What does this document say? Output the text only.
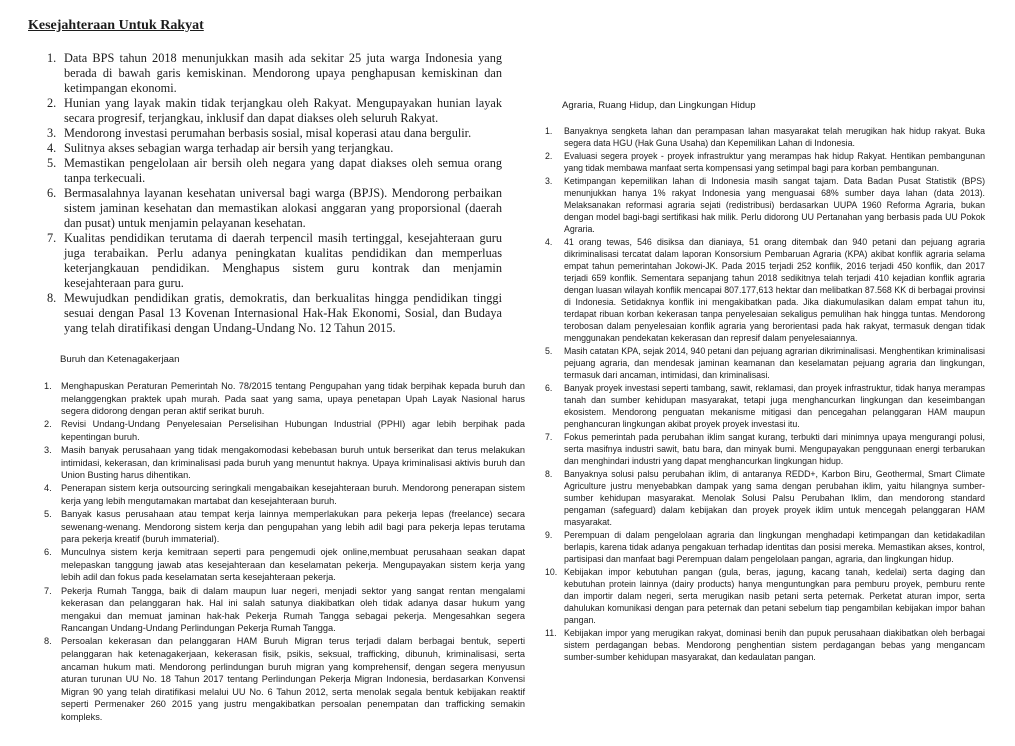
Kesejahteraan Untuk Rakyat
1. Data BPS tahun 2018 menunjukkan masih ada sekitar 25 juta warga Indonesia yang berada di bawah garis kemiskinan. Mendorong upaya penghapusan kemiskinan dan ketimpangan ekonomi.
2. Hunian yang layak makin tidak terjangkau oleh Rakyat. Mengupayakan hunian layak secara progresif, terjangkau, inklusif dan dapat diakses oleh seluruh Rakyat.
3. Mendorong investasi perumahan berbasis sosial, misal koperasi atau dana bergulir.
4. Sulitnya akses sebagian warga terhadap air bersih yang terjangkau.
5. Memastikan pengelolaan air bersih oleh negara yang dapat diakses oleh semua orang tanpa terkecuali.
6. Bermasalahnya layanan kesehatan universal bagi warga (BPJS). Mendorong perbaikan sistem jaminan kesehatan dan memastikan alokasi anggaran yang proporsional (daerah dan pusat) untuk menjamin pelayanan kesehatan.
7. Kualitas pendidikan terutama di daerah terpencil masih tertinggal, kesejahteraan guru juga terabaikan. Perlu adanya peningkatan kualitas pendidikan dan memperluas keterjangkauan pendidikan. Menghapus sistem guru kontrak dan menjamin kesejahteraan para guru.
8. Mewujudkan pendidikan gratis, demokratis, dan berkualitas hingga pendidikan tinggi sesuai dengan Pasal 13 Kovenan Internasional Hak-Hak Ekonomi, Sosial, dan Budaya yang telah diratifikasi dengan Undang-Undang No. 12 Tahun 2015.
Buruh dan Ketenagakerjaan
1. Menghapuskan Peraturan Pemerintah No. 78/2015 tentang Pengupahan yang tidak berpihak kepada buruh dan melanggengkan praktek upah murah. Pada saat yang sama, upaya penetapan Upah Layak Nasional harus segera didorong dengan peran aktif serikat buruh.
2. Revisi Undang-Undang Penyelesaian Perselisihan Hubungan Industrial (PPHI) agar lebih berpihak pada kepentingan buruh.
3. Masih banyak perusahaan yang tidak mengakomodasi kebebasan buruh untuk berserikat dan terus melakukan intimidasi, kekerasan, dan kriminalisasi pada buruh yang menuntut haknya. Upaya kriminalisasi aktivis buruh dan Union Busting harus dihentikan.
4. Penerapan sistem kerja outsourcing seringkali mengabaikan kesejahteraan buruh. Mendorong penerapan sistem kerja yang lebih mengutamakan martabat dan kesejahteraan buruh.
5. Banyak kasus perusahaan atau tempat kerja lainnya memperlakukan para pekerja lepas (freelance) secara sewenang-wenang. Mendorong sistem kerja dan pengupahan yang lebih adil bagi para pekerja lepas terutama para pekerja kreatif (buruh immaterial).
6. Munculnya sistem kerja kemitraan seperti para pengemudi ojek online,membuat perusahaan seakan dapat melepaskan tanggung jawab atas kesejahteraan dan keselamatan pekerja. Mengupayakan sistem kerja yang lebih adil dan fokus pada keselamatan serta kesejahteraan pekerja.
7. Pekerja Rumah Tangga, baik di dalam maupun luar negeri, menjadi sektor yang sangat rentan mengalami kekerasan dan pelanggaran hak. Hal ini salah satunya diakibatkan oleh tidak adanya dasar hukum yang mengakui dan memuat jaminan hak-hak Pekerja Rumah Tangga sebagai pekerja. Mengesahkan segera Rancangan Undang-Undang Perlindungan Pekerja Rumah Tangga.
8. Persoalan kekerasan dan pelanggaran HAM Buruh Migran terus terjadi dalam berbagai bentuk, seperti pelanggaran hak ketenagakerjaan, kekerasan fisik, psikis, seksual, trafficking, dibunuh, kriminalisasi, serta ancaman hukum mati. Mendorong perlindungan buruh migran yang komprehensif, dengan segera menyusun aturan turunan UU No. 18 Tahun 2017 tentang Perlindungan Pekerja Migran Indonesia, berdasarkan Konvensi Migran 90 yang telah diratifikasi melalui UU No. 6 Tahun 2012, serta menolak segala bentuk kebijakan reaktif seperti Permenaker 260 2015 yang justru mengakibatkan persoalan penempatan dan trafficking semakin kompleks.
Agraria, Ruang Hidup, dan Lingkungan Hidup
1. Banyaknya sengketa lahan dan perampasan lahan masyarakat telah merugikan hak hidup rakyat. Buka segera data HGU (Hak Guna Usaha) dan Kepemilikan Lahan di Indonesia.
2. Evaluasi segera proyek - proyek infrastruktur yang merampas hak hidup Rakyat. Hentikan pembangunan yang tidak membawa manfaat serta kompensasi yang setimpal bagi para korban pembangunan.
3. Ketimpangan kepemilikan lahan di Indonesia masih sangat tajam. Data Badan Pusat Statistik (BPS) menunjukkan hanya 1% rakyat Indonesia yang menguasai 68% sumber daya lahan (data 2013). Melaksanakan reformasi agraria sejati (redistribusi) berdasarkan UUPA 1960 Reforma Agraria, bukan dengan model bagi-bagi sertifikasi hak milik. Perlu didorong UU Pertanahan yang berbasis pada UU Pokok Agraria.
4. 41 orang tewas, 546 disiksa dan dianiaya, 51 orang ditembak dan 940 petani dan pejuang agraria dikriminalisasi tercatat dalam laporan Konsorsium Pembaruan Agraria (KPA) akibat konflik agraria selama empat tahun pemerintahan Jokowi-JK. Pada 2015 terjadi 252 konflik, 2016 terjadi 450 konflik, dan 2017 terjadi 659 konflik. Sementara sepanjang tahun 2018 sedikitnya telah terjadi 410 kejadian konflik agraria dengan luasan wilayah konflik mencapai 807.177,613 hektar dan melibatkan 87.568 KK di berbagai provinsi di Indonesia. Setidaknya konflik ini mengakibatkan pada. Jika diakumulasikan dalam empat tahun itu, terdapat ribuan korban kekerasan tanpa penyelesaian sekaligus pemulihan hak hingga tuntas. Mendorong terobosan dalam penyelesaian konflik agraria yang berorientasi pada hak rakyat, termasuk dengan tidak menggunakan pendekatan kekerasan dan represif dalam penyelesaiannya.
5. Masih catatan KPA, sejak 2014, 940 petani dan pejuang agrarian dikriminalisasi. Menghentikan kriminalisasi pejuang agraria, dan mendesak jaminan keamanan dan keselamatan pejuang agraria dan lingkungan, termasuk dari ancaman, intimidasi, dan kriminalisasi.
6. Banyak proyek investasi seperti tambang, sawit, reklamasi, dan proyek infrastruktur, tidak hanya merampas tanah dan sumber kehidupan masyarakat, tetapi juga menghancurkan lingkungan dan keseimbangan ekosistem. Mendorong penguatan mekanisme mitigasi dan pencegahan pelanggaran HAM maupun penghancuran lingkungan akibat proyek proyek investasi itu.
7. Fokus pemerintah pada perubahan iklim sangat kurang, terbukti dari minimnya upaya mengurangi polusi, serta masifnya industri sawit, batu bara, dan minyak bumi. Mengupayakan penggunaan energi terbarukan dan menghindari industri yang dapat menghancurkan lingkungan hidup.
8. Banyaknya solusi palsu perubahan iklim, di antaranya REDD+, Karbon Biru, Geothermal, Smart Climate Agriculture justru menyebabkan dampak yang sama dengan perubahan iklim, yaitu hilangnya sumber-sumber kehidupan masyarakat. Menolak Solusi Palsu Perubahan Iklim, dan mendorong standard pengaman (safeguard) dalam kebijakan dan proyek proyek iklim untuk mencegah pelanggaran HAM masyarakat.
9. Perempuan di dalam pengelolaan agraria dan lingkungan menghadapi ketimpangan dan ketidakadilan berlapis, karena tidak adanya pengakuan terhadap identitas dan posisi mereka. Memastikan akses, kontrol, partisipasi dan manfaat bagi Perempuan dalam pengelolaan pangan, agraria, dan lingkungan hidup.
10. Kebijakan impor kebutuhan pangan (gula, beras, jagung, kacang tanah, kedelai) serta daging dan kebutuhan protein lainnya (dairy products) hanya menguntungkan para pemburu proyek, pemburu rente dan importir dalam negeri, serta merugikan nasib petani serta peternak. Perketat aturan impor, serta dahulukan komunikasi dengan para peternak dan petani sebelum tiap pengambilan kebijakan impor bahan pangan.
11. Kebijakan impor yang merugikan rakyat, dominasi benih dan pupuk perusahaan diakibatkan oleh berbagai sistem perdagangan bebas. Mendorong penghentian sistem perdagangan bebas yang mengancam sumber-sumber kehidupan masyarakat, dan kedaulatan pangan.
